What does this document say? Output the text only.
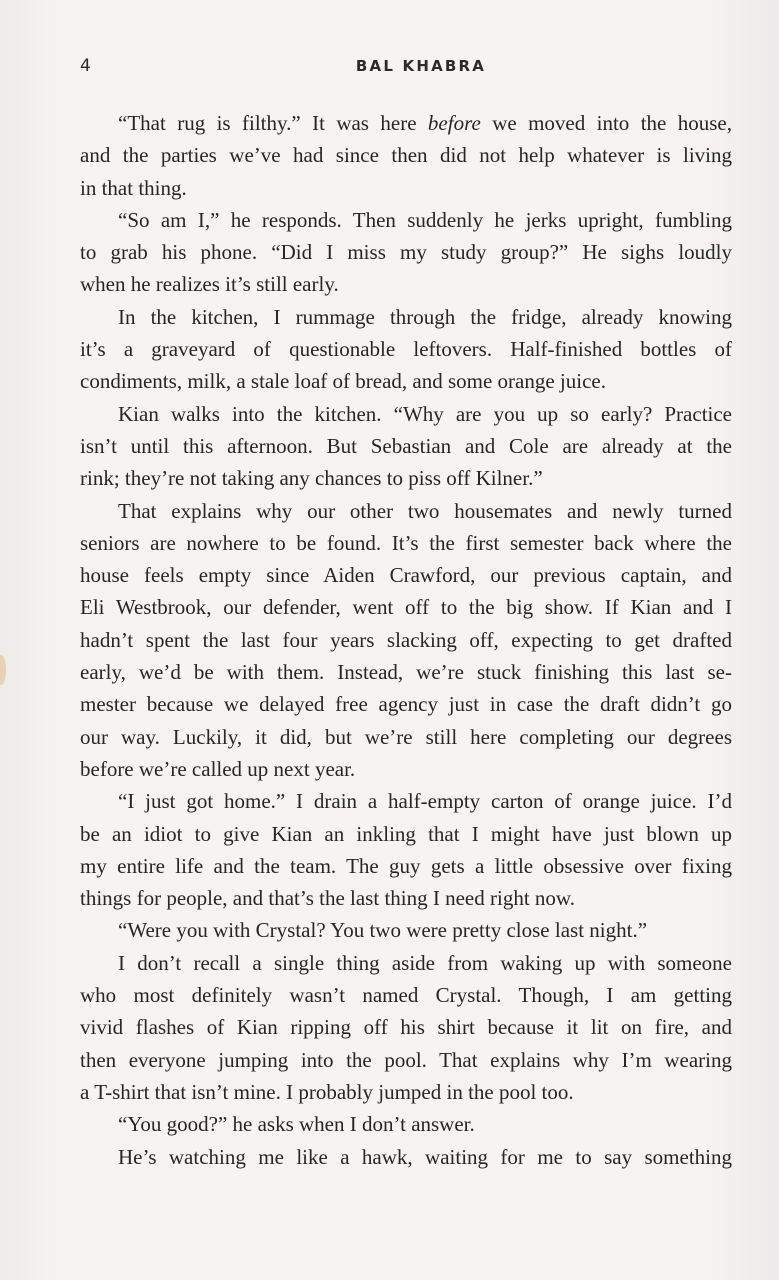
4	BAL KHABRA
“That rug is filthy.” It was here before we moved into the house,
and the parties we’ve had since then did not help whatever is living
in that thing.
“So am I,” he responds. Then suddenly he jerks upright, fumbling
to grab his phone. “Did I miss my study group?” He sighs loudly
when he realizes it’s still early.
In the kitchen, I rummage through the fridge, already knowing
it’s a graveyard of questionable leftovers. Half-finished bottles of
condiments, milk, a stale loaf of bread, and some orange juice.
Kian walks into the kitchen. “Why are you up so early? Practice
isn’t until this afternoon. But Sebastian and Cole are already at the
rink; they’re not taking any chances to piss off Kilner.”
That explains why our other two housemates and newly turned
seniors are nowhere to be found. It’s the first semester back where the
house feels empty since Aiden Crawford, our previous captain, and
Eli Westbrook, our defender, went off to the big show. If Kian and I
hadn’t spent the last four years slacking off, expecting to get drafted
early, we’d be with them. Instead, we’re stuck finishing this last se-
mester because we delayed free agency just in case the draft didn’t go
our way. Luckily, it did, but we’re still here completing our degrees
before we’re called up next year.
“I just got home.” I drain a half-empty carton of orange juice. I’d
be an idiot to give Kian an inkling that I might have just blown up
my entire life and the team. The guy gets a little obsessive over fixing
things for people, and that’s the last thing I need right now.
“Were you with Crystal? You two were pretty close last night.”
I don’t recall a single thing aside from waking up with someone
who most definitely wasn’t named Crystal. Though, I am getting
vivid flashes of Kian ripping off his shirt because it lit on fire, and
then everyone jumping into the pool. That explains why I’m wearing
a T-shirt that isn’t mine. I probably jumped in the pool too.
“You good?” he asks when I don’t answer.
He’s watching me like a hawk, waiting for me to say something
